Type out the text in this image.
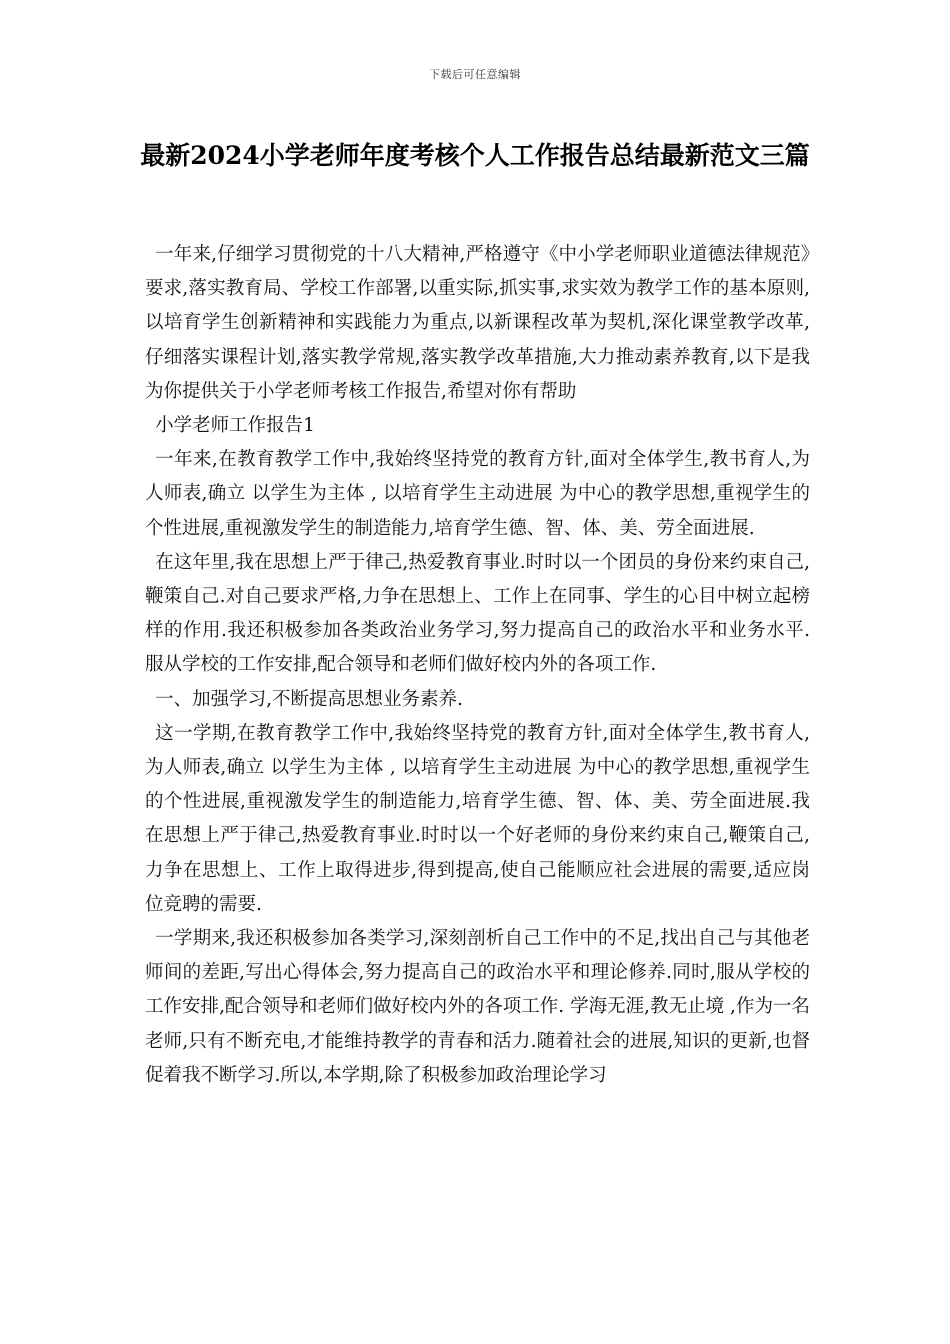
下载后可任意编辑
最新2024小学老师年度考核个人工作报告总结最新范文三篇

一年来,仔细学习贯彻党的十八大精神,严格遵守《中小学老师职业道德法律规范》要求,落实教育局、学校工作部署,以重实际,抓实事,求实效为教学工作的基本原则,以培育学生创新精神和实践能力为重点,以新课程改革为契机,深化课堂教学改革,仔细落实课程计划,落实教学常规,落实教学改革措施,大力推动素养教育,以下是我为你提供关于小学老师考核工作报告,希望对你有帮助

小学老师工作报告1

一年来,在教育教学工作中,我始终坚持党的教育方针,面对全体学生,教书育人,为人师表,确立 以学生为主体 , 以培育学生主动进展 为中心的教学思想,重视学生的个性进展,重视激发学生的制造能力,培育学生德、智、体、美、劳全面进展.

在这年里,我在思想上严于律己,热爱教育事业.时时以一个团员的身份来约束自己,鞭策自己.对自己要求严格,力争在思想上、工作上在同事、学生的心目中树立起榜样的作用.我还积极参加各类政治业务学习,努力提高自己的政治水平和业务水平.服从学校的工作安排,配合领导和老师们做好校内外的各项工作.

一、加强学习,不断提高思想业务素养.

这一学期,在教育教学工作中,我始终坚持党的教育方针,面对全体学生,教书育人,为人师表,确立 以学生为主体 , 以培育学生主动进展 为中心的教学思想,重视学生的个性进展,重视激发学生的制造能力,培育学生德、智、体、美、劳全面进展.我在思想上严于律己,热爱教育事业.时时以一个好老师的身份来约束自己,鞭策自己,力争在思想上、工作上取得进步,得到提高,使自己能顺应社会进展的需要,适应岗位竞聘的需要.

一学期来,我还积极参加各类学习,深刻剖析自己工作中的不足,找出自己与其他老师间的差距,写出心得体会,努力提高自己的政治水平和理论修养.同时,服从学校的工作安排,配合领导和老师们做好校内外的各项工作. 学海无涯,教无止境 ,作为一名老师,只有不断充电,才能维持教学的青春和活力.随着社会的进展,知识的更新,也督促着我不断学习.所以,本学期,除了积极参加政治理论学习
